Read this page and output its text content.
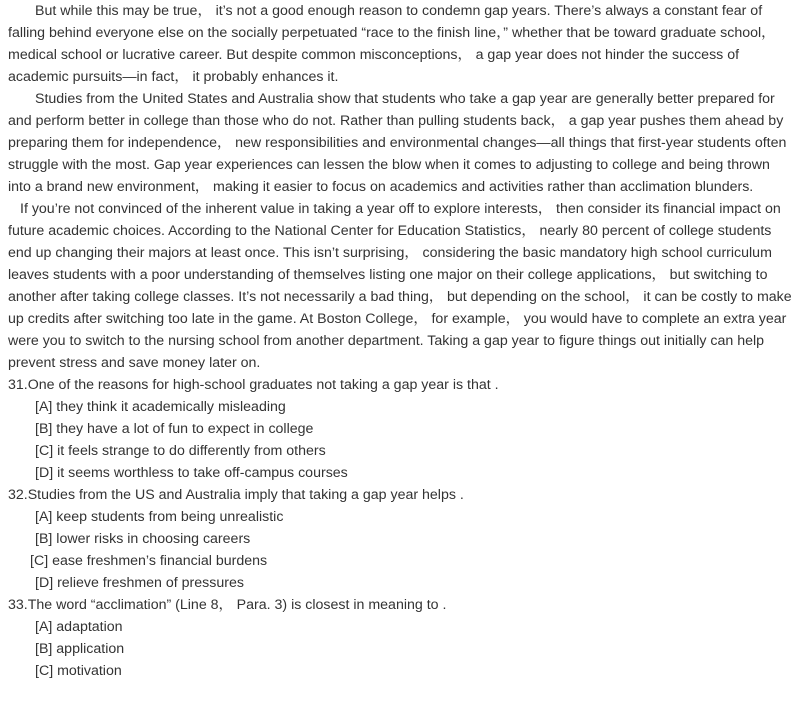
But while this may be true， it’s not a good enough reason to condemn gap years. There’s always a constant fear of falling behind everyone else on the socially perpetuated “race to the finish line，” whether that be toward graduate school，medical school or lucrative career. But despite common misconceptions， a gap year does not hinder the success of academic pursuits—in fact， it probably enhances it.

Studies from the United States and Australia show that students who take a gap year are generally better prepared for and perform better in college than those who do not. Rather than pulling students back， a gap year pushes them ahead by preparing them for independence， new responsibilities and environmental changes—all things that first-year students often struggle with the most. Gap year experiences can lessen the blow when it comes to adjusting to college and being thrown into a brand new environment， making it easier to focus on academics and activities rather than acclimation blunders.

If you’re not convinced of the inherent value in taking a year off to explore interests， then consider its financial impact on future academic choices. According to the National Center for Education Statistics， nearly 80 percent of college students end up changing their majors at least once. This isn’t surprising， considering the basic mandatory high school curriculum leaves students with a poor understanding of themselves listing one major on their college applications， but switching to another after taking college classes. It’s not necessarily a bad thing， but depending on the school， it can be costly to make up credits after switching too late in the game. At Boston College， for example， you would have to complete an extra year were you to switch to the nursing school from another department. Taking a gap year to figure things out initially can help prevent stress and save money later on.

31.One of the reasons for high-school graduates not taking a gap year is that .
[A] they think it academically misleading
[B] they have a lot of fun to expect in college
[C] it feels strange to do differently from others
[D] it seems worthless to take off-campus courses
32.Studies from the US and Australia imply that taking a gap year helps .
[A] keep students from being unrealistic
[B] lower risks in choosing careers
[C] ease freshmen’s financial burdens
[D] relieve freshmen of pressures
33.The word “acclimation” (Line 8， Para. 3) is closest in meaning to .
[A] adaptation
[B] application
[C] motivation
